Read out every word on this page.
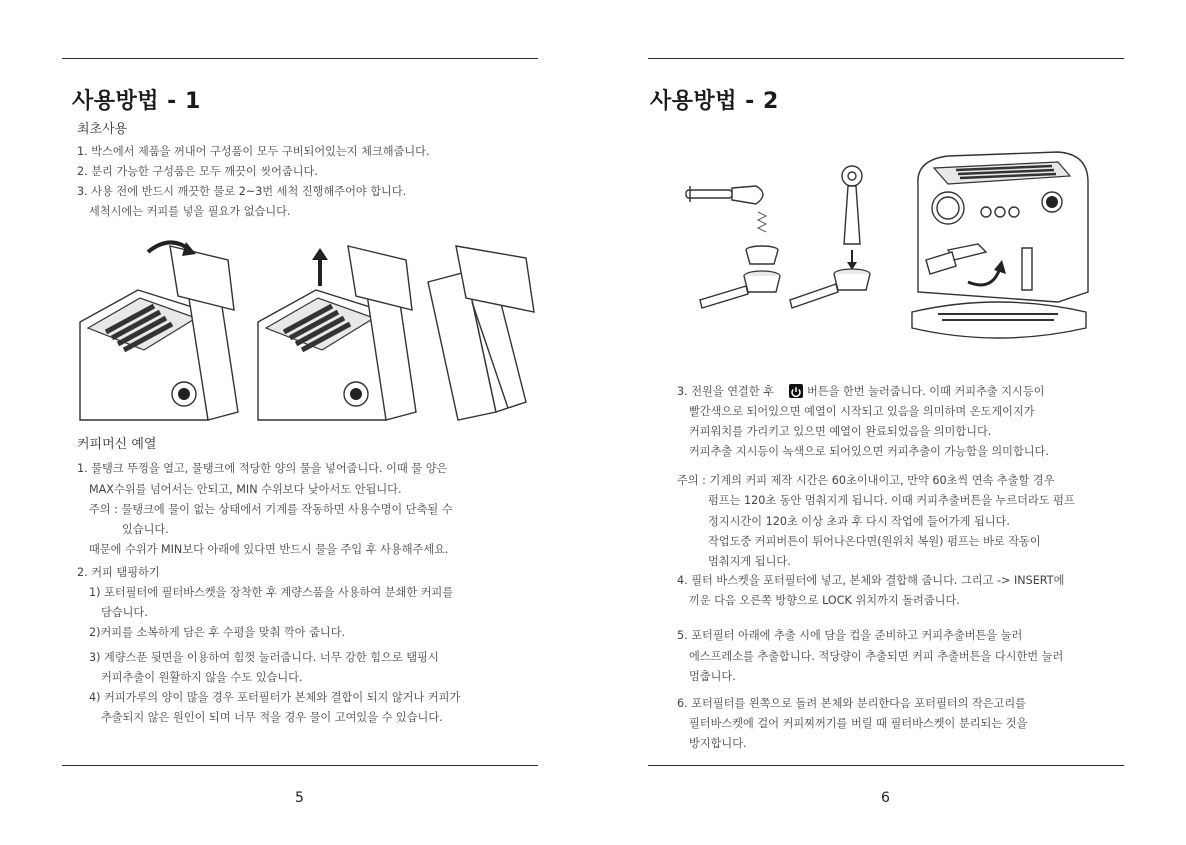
사용방법 - 1
최초사용
1. 박스에서 제품을 꺼내어 구성품이 모두 구비되어있는지 체크해줍니다.
2. 분리 가능한 구성품은 모두 깨끗이 씻어줍니다.
3. 사용 전에 반드시 깨끗한 물로 2~3번 세척 진행해주어야 합니다.
세척시에는 커피를 넣을 필요가 없습니다.
커피머신 예열
1. 물탱크 뚜껑을 열고, 물탱크에 적당한 양의 물을 넣어줍니다. 이때 물 양은
MAX수위를 넘어서는 안되고, MIN 수위보다 낮아서도 안됩니다.
주의 : 물탱크에 물이 없는 상태에서 기계를 작동하면 사용수명이 단축될 수
있습니다.
때문에 수위가 MIN보다 아래에 있다면 반드시 물을 주입 후 사용해주세요.
2. 커피 탬핑하기
1) 포터필터에 필터바스켓을 장착한 후 계량스품을 사용하여 분쇄한 커피를
담습니다.
2)커피를 소복하게 담은 후 수평을 맞춰 깍아 줍니다.
3) 계량스푼 뒷면을 이용하여 힘껏 눌러줍니다. 너무 강한 힘으로 탬핑시
커피추출이 원활하지 않을 수도 있습니다.
4) 커피가루의 양이 많을 경우 포터필터가 본체와 결합이 되지 않거나 커피가
추출되지 않은 원인이 되며 너무 적을 경우 물이 고여있을 수 있습니다.
5
사용방법 - 2
3. 전원을 연결한 후	버튼을 한번 눌러줍니다. 이때 커피추출 지시등이
빨간색으로 되어있으면 예열이 시작되고 있음을 의미하며 온도게이지가
커피워치를 가리키고 있으면 예열이 완료되었음을 의미합니다.
커피추출 지시등이 녹색으로 되어있으면 커피추출이 가능함을 의미합니다.
주의 : 기계의 커피 제작 시간은 60초이내이고, 만약 60초씩 연속 추출할 경우
펌프는 120초 동안 멈춰지게 됩니다. 이때 커피추출버튼을 누르더라도 펌프
정지시간이 120초 이상 초과 후 다시 작업에 들어가게 됩니다.
작업도중 커피버튼이 튀어나온다면(원위치 복원) 펌프는 바로 작동이
멈춰지게 됩니다.
4. 필터 바스켓을 포터필터에 넣고, 본체와 결합해 줍니다. 그리고 -> INSERT에
끼운 다음 오른쪽 방향으로 LOCK 위치까지 돌려줍니다.
5. 포터필터 아래에 추출 시에 담을 컵을 준비하고 커피추출버튼을 눌러
에스프레소를 추출합니다. 적당량이 추출되면 커피 추출버튼을 다시한번 눌러
멈춥니다.
6. 포터필터를 왼쪽으로 돌려 본체와 분리한다음 포터필터의 작은고리를
필터바스켓에 걸어 커피찌꺼기를 버릴 때 필터바스켓이 분리되는 것을
방지합니다.
6
